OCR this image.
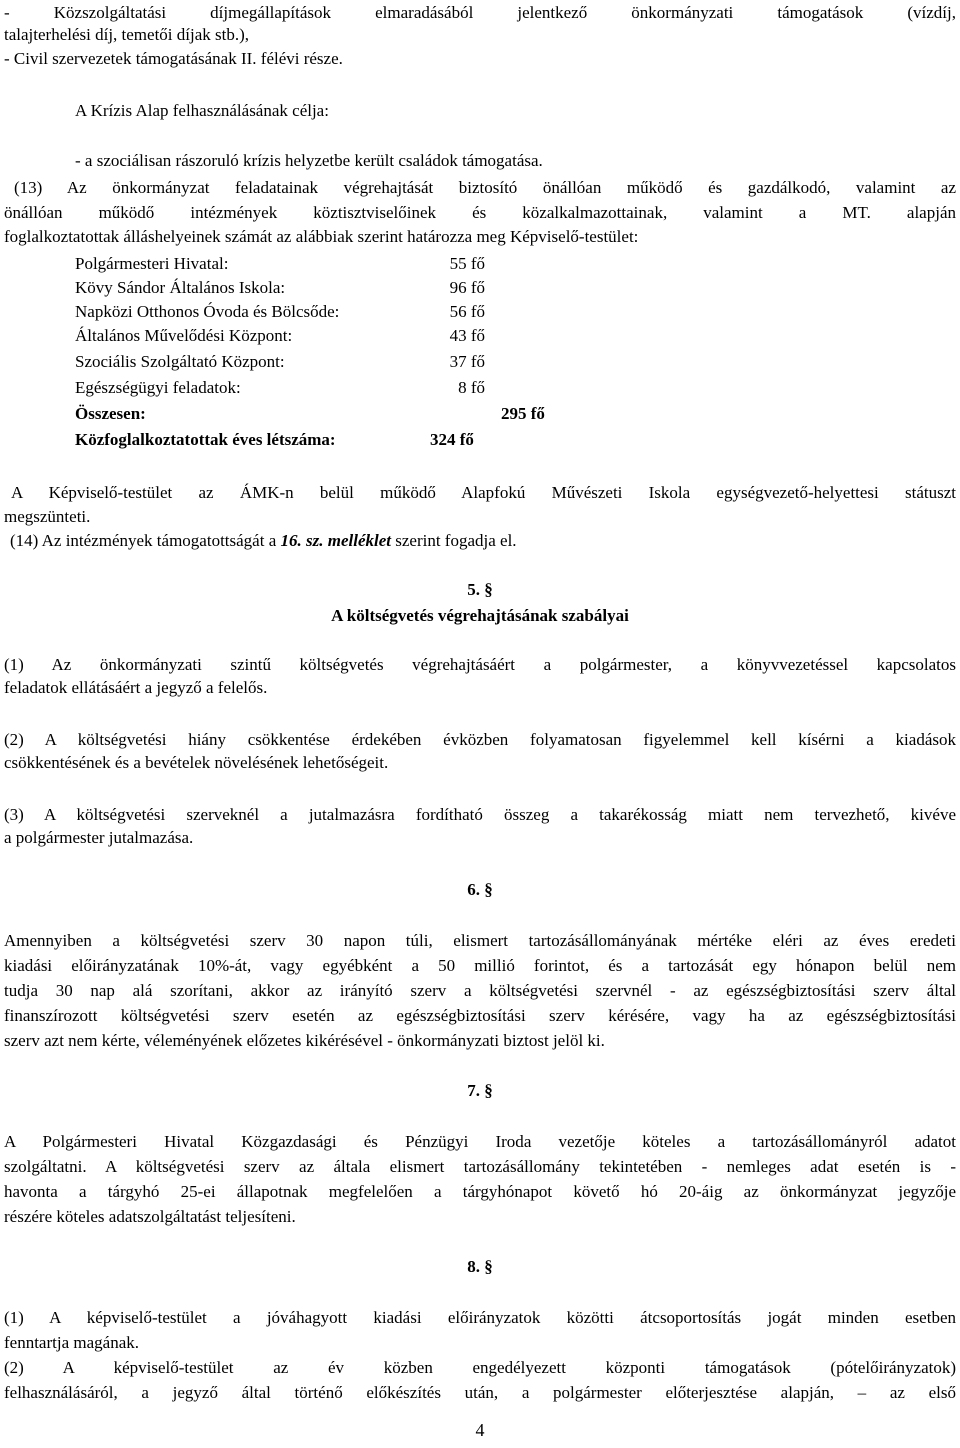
- Közszolgáltatási díjmegállapítások elmaradásából jelentkező önkormányzati támogatások (vízdíj,
talajterhelési díj, temetői díjak stb.),
- Civil szervezetek támogatásának II. félévi része.
A Krízis Alap felhasználásának célja:
- a szociálisan rászoruló krízis helyzetbe került családok támogatása.
(13) Az önkormányzat feladatainak végrehajtását biztosító önállóan működő és gazdálkodó, valamint az
önállóan működő intézmények köztisztviselőinek és közalkalmazottainak, valamint a MT. alapján
foglalkoztatottak álláshelyeinek számát az alábbiak szerint határozza meg Képviselő-testület:
Polgármesteri Hivatal:	55 fő
Kövy Sándor Általános Iskola:	96 fő
Napközi Otthonos Óvoda és Bölcsőde:	56 fő
Általános Művelődési Központ:	43 fő
Szociális Szolgáltató Központ:	37 fő
Egészségügyi feladatok:	8 fő
Összesen:	295 fő
Közfoglalkoztatottak éves létszáma:	324 fő
A Képviselő-testület az ÁMK-n belül működő Alapfokú Művészeti Iskola egységvezető-helyettesi státuszt
megszünteti.
(14) Az intézmények támogatottságát a 16. sz. melléklet szerint fogadja el.
5. §
A költségvetés végrehajtásának szabályai
(1) Az önkormányzati szintű költségvetés végrehajtásáért a polgármester, a könyvvezetéssel kapcsolatos
feladatok ellátásáért a jegyző a felelős.
(2) A költségvetési hiány csökkentése érdekében évközben folyamatosan figyelemmel kell kísérni a kiadások
csökkentésének és a bevételek növelésének lehetőségeit.
(3) A költségvetési szerveknél a jutalmazásra fordítható összeg a takarékosság miatt nem tervezhető, kivéve
a polgármester jutalmazása.
6. §
Amennyiben a költségvetési szerv 30 napon túli, elismert tartozásállományának mértéke eléri az éves eredeti
kiadási előirányzatának 10%-át, vagy egyébként a 50 millió forintot, és a tartozását egy hónapon belül nem
tudja 30 nap alá szorítani, akkor az irányító szerv a költségvetési szervnél - az egészségbiztosítási szerv által
finanszírozott költségvetési szerv esetén az egészségbiztosítási szerv kérésére, vagy ha az egészségbiztosítási
szerv azt nem kérte, véleményének előzetes kikérésével - önkormányzati biztost jelöl ki.
7. §
A Polgármesteri Hivatal Közgazdasági és Pénzügyi Iroda vezetője köteles a tartozásállományról adatot
szolgáltatni. A költségvetési szerv az általa elismert tartozásállomány tekintetében - nemleges adat esetén is -
havonta a tárgyhó 25-ei állapotnak megfelelően a tárgyhónapot követő hó 20-áig az önkormányzat jegyzője
részére köteles adatszolgáltatást teljesíteni.
8. §
(1) A képviselő-testület a jóváhagyott kiadási előirányzatok közötti átcsoportosítás jogát minden esetben
fenntartja magának.
(2) A képviselő-testület az év közben engedélyezett központi támogatások (pótelőirányzatok)
felhasználásáról, a jegyző által történő előkészítés után, a polgármester előterjesztése alapján, – az első
4
